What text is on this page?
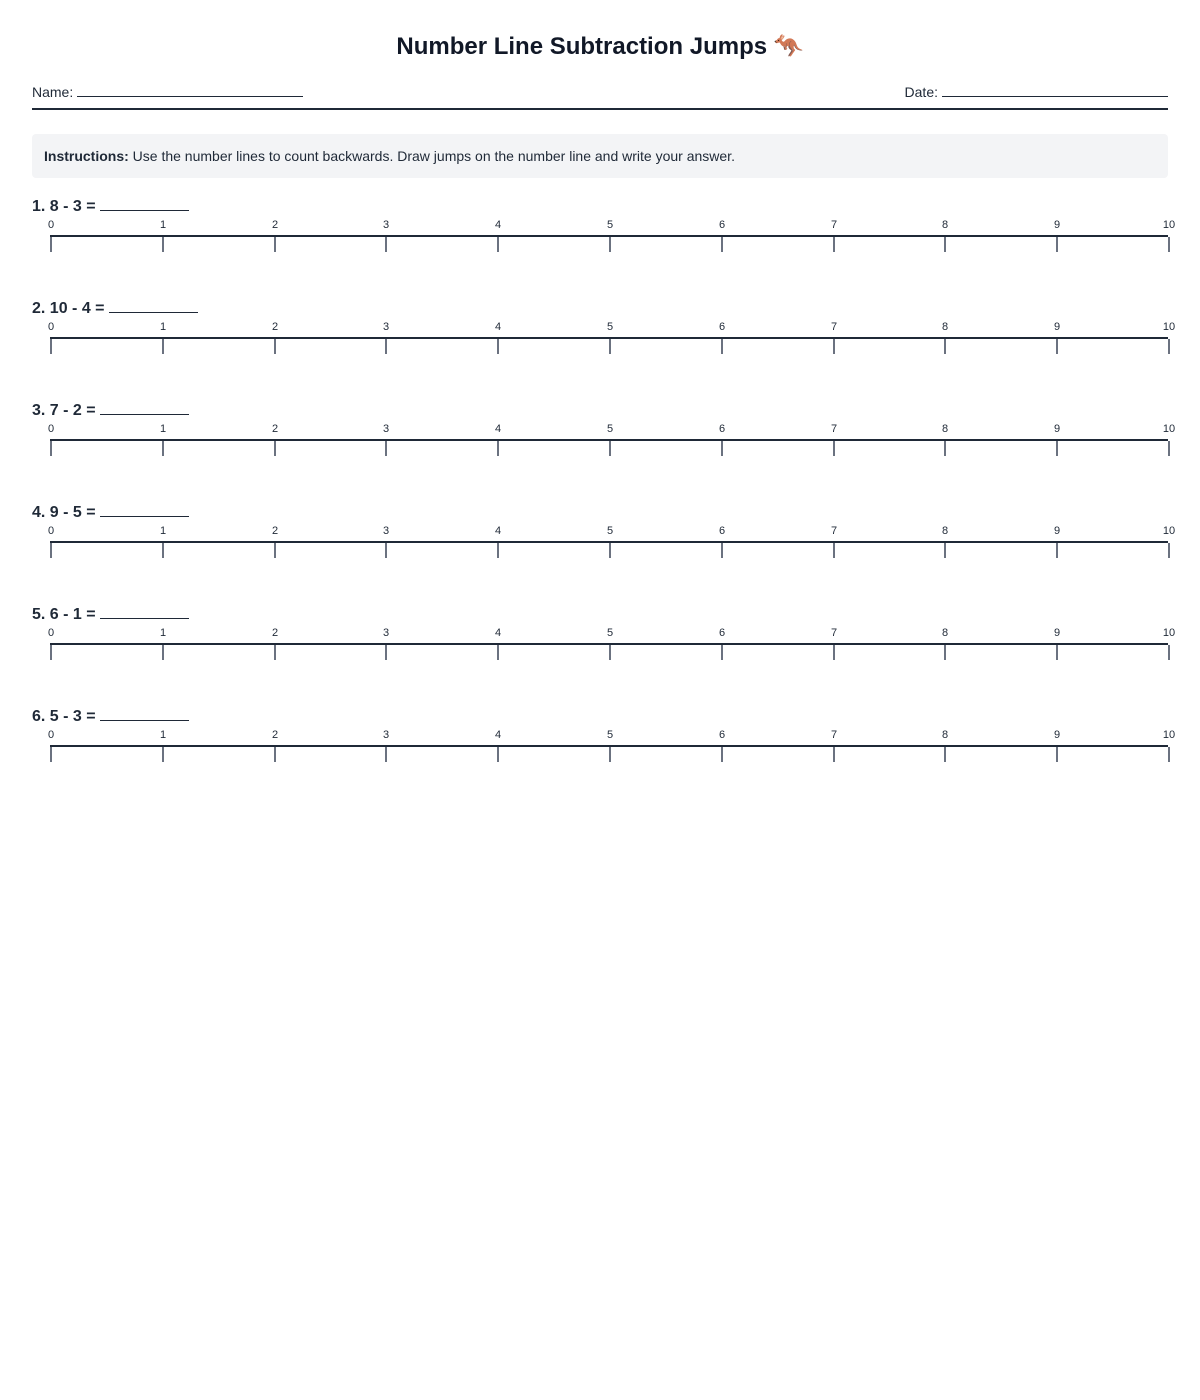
Number Line Subtraction Jumps 🦘
Name:	Date:
Instructions: Use the number lines to count backwards. Draw jumps on the number line and write your answer.
1. 8 - 3 =
0	1	2	3	4	5	6	7	8	9	10
2. 10 - 4 =
0	1	2	3	4	5	6	7	8	9	10
3. 7 - 2 =
0	1	2	3	4	5	6	7	8	9	10
4. 9 - 5 =
0	1	2	3	4	5	6	7	8	9	10
5. 6 - 1 =
0	1	2	3	4	5	6	7	8	9	10
6. 5 - 3 =
0	1	2	3	4	5	6	7	8	9	10
